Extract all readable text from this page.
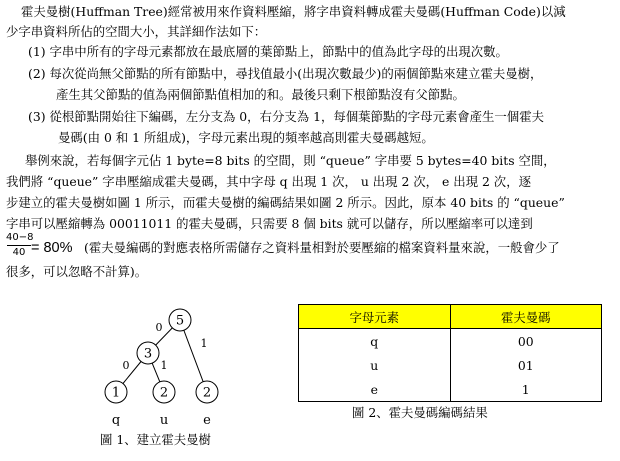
霍夫曼樹(Huffman Tree)經常被用來作資料壓縮，將字串資料轉成霍夫曼碼(Huffman Code)以減
少字串資料所佔的空間大小，其詳細作法如下：
(1) 字串中所有的字母元素都放在最底層的葉節點上，節點中的值為此字母的出現次數。
(2) 每次從尚無父節點的所有節點中，尋找值最小(出現次數最少)的兩個節點來建立霍夫曼樹，
產生其父節點的值為兩個節點值相加的和。最後只剩下根節點沒有父節點。
(3) 從根節點開始往下編碼，左分支為 0，右分支為 1，每個葉節點的字母元素會產生一個霍夫
曼碼(由 0 和 1 所組成)，字母元素出現的頻率越高則霍夫曼碼越短。
舉例來說，若每個字元佔 1 byte=8 bits 的空間，則 “queue” 字串要 5 bytes=40 bits 空間，
我們將 “queue” 字串壓縮成霍夫曼碼，其中字母 q 出現 1 次， u 出現 2 次， e 出現 2 次，逐
步建立的霍夫曼樹如圖 1 所示，而霍夫曼樹的編碼結果如圖 2 所示。因此，原本 40 bits 的 “queue”
字串可以壓縮轉為 00011011 的霍夫曼碼，只需要 8 個 bits 就可以儲存，所以壓縮率可以達到
40−8
40 = 80% (霍夫曼編碼的對應表格所需儲存之資料量相對於要壓縮的檔案資料量來說，一般會少了
很多，可以忽略不計算)。
0
1
0	1
5
3
1
q
2
u
2
e
圖 1、建立霍夫曼樹
字母元素	霍夫曼碼
q	00
u	01
e	1
圖 2、霍夫曼碼編碼結果
